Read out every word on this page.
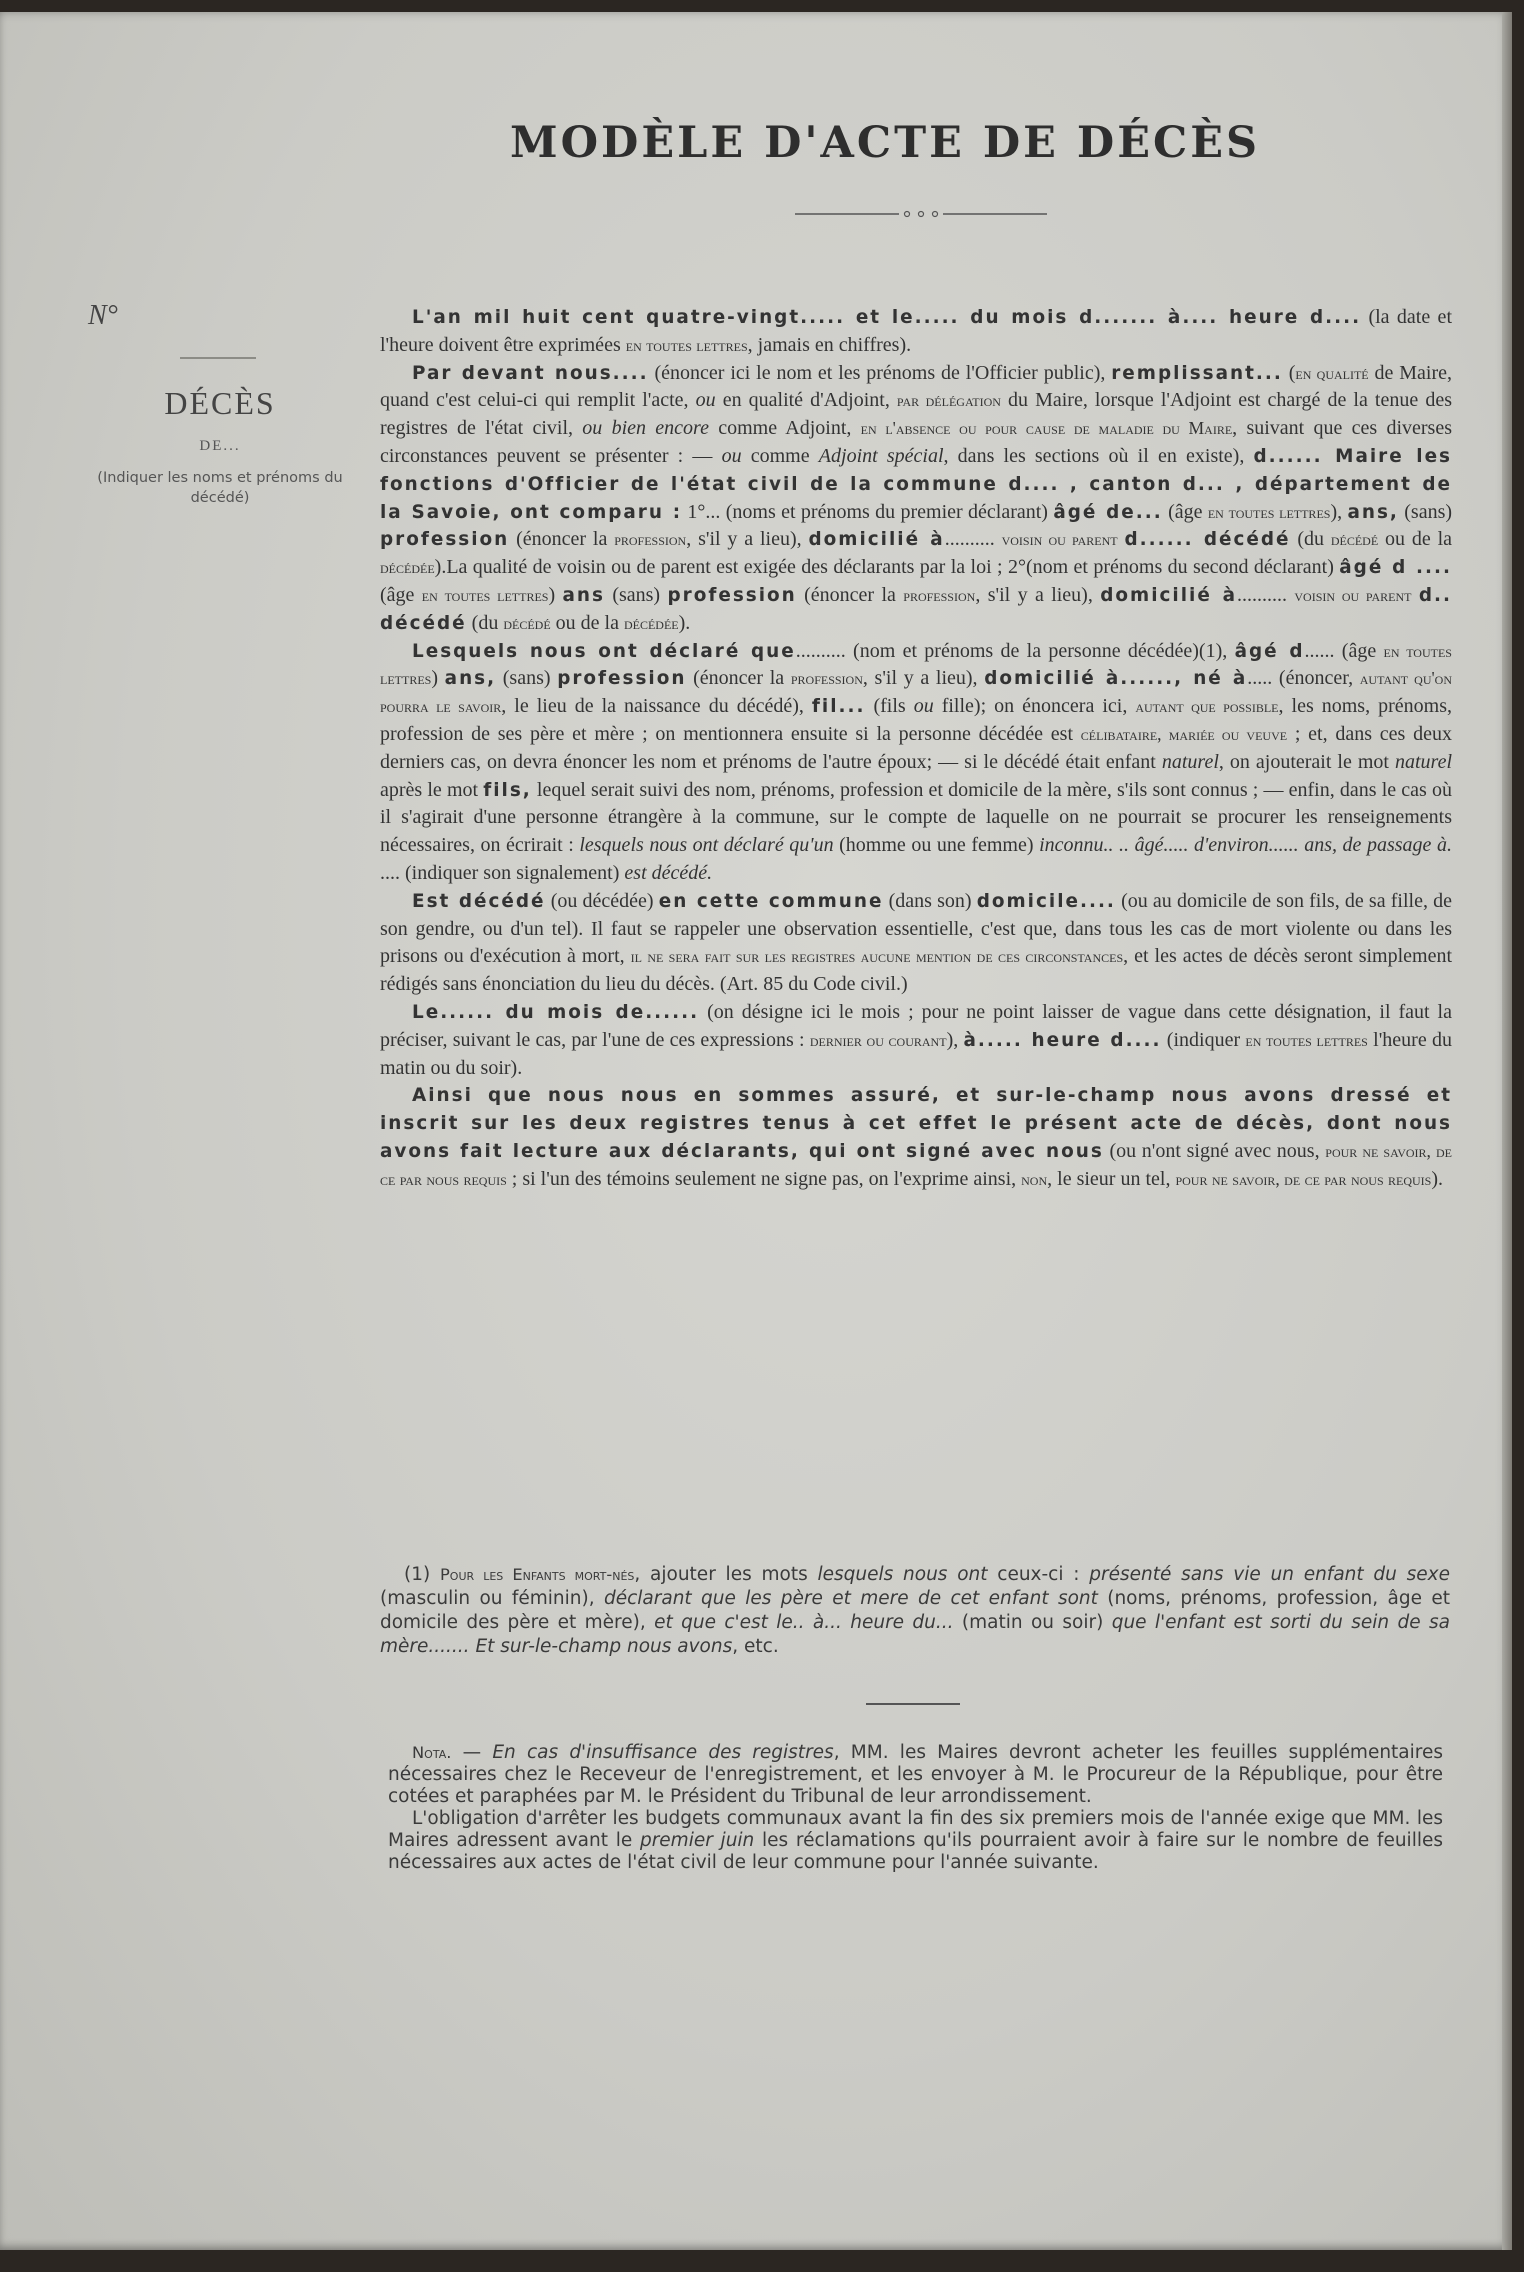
MODÈLE D'ACTE DE DÉCÈS
N°
DÉCÈS
DE...
(Indiquer les noms et prénoms du décédé)

L'an mil huit cent quatre-vingt..... et le..... du mois d....... à.... heure d.... (la date et l'heure doivent être exprimées en toutes lettres, jamais en chiffres).

Par devant nous.... (énoncer ici le nom et les prénoms de l'Officier public), remplissant... (en qualité de Maire, quand c'est celui-ci qui remplit l'acte, ou en qualité d'Adjoint, par délégation du Maire, lorsque l'Adjoint est chargé de la tenue des registres de l'état civil, ou bien encore comme Adjoint, en l'absence ou pour cause de maladie du Maire, suivant que ces diverses circonstances peuvent se présenter : — ou comme Adjoint spécial, dans les sections où il en existe), d...... Maire les fonctions d'Officier de l'état civil de la commune d.... , canton d... , département de la Savoie, ont comparu : 1°... (noms et prénoms du premier déclarant) âgé de... (âge en toutes lettres), ans, (sans) profession (énoncer la profession, s'il y a lieu), domicilié à.......... voisin ou parent d...... décédé (du décédé ou de la décédée).La qualité de voisin ou de parent est exigée des déclarants par la loi ; 2°(nom et prénoms du second déclarant) âgé d .... (âge en toutes lettres) ans (sans) profession (énoncer la profession, s'il y a lieu), domicilié à.......... voisin ou parent d.. décédé (du décédé ou de la décédée).

Lesquels nous ont déclaré que.......... (nom et prénoms de la personne décédée)(1), âgé d...... (âge en toutes lettres) ans, (sans) profession (énoncer la profession, s'il y a lieu), domicilié à......, né à..... (énoncer, autant qu'on pourra le savoir, le lieu de la naissance du décédé), fil... (fils ou fille); on énoncera ici, autant que possible, les noms, prénoms, profession de ses père et mère ; on mentionnera ensuite si la personne décédée est célibataire, mariée ou veuve ; et, dans ces deux derniers cas, on devra énoncer les nom et prénoms de l'autre époux; — si le décédé était enfant naturel, on ajouterait le mot naturel après le mot fils, lequel serait suivi des nom, prénoms, profession et domicile de la mère, s'ils sont connus ; — enfin, dans le cas où il s'agirait d'une personne étrangère à la commune, sur le compte de laquelle on ne pourrait se procurer les renseignements nécessaires, on écrirait : lesquels nous ont déclaré qu'un (homme ou une femme) inconnu.. .. âgé..... d'environ...... ans, de passage à. .... (indiquer son signalement) est décédé.

Est décédé (ou décédée) en cette commune (dans son) domicile.... (ou au domicile de son fils, de sa fille, de son gendre, ou d'un tel). Il faut se rappeler une observation essentielle, c'est que, dans tous les cas de mort violente ou dans les prisons ou d'exécution à mort, il ne sera fait sur les registres aucune mention de ces circonstances, et les actes de décès seront simplement rédigés sans énonciation du lieu du décès. (Art. 85 du Code civil.)

Le...... du mois de...... (on désigne ici le mois ; pour ne point laisser de vague dans cette désignation, il faut la préciser, suivant le cas, par l'une de ces expressions : dernier ou courant), à..... heure d.... (indiquer en toutes lettres l'heure du matin ou du soir).

Ainsi que nous nous en sommes assuré, et sur-le-champ nous avons dressé et inscrit sur les deux registres tenus à cet effet le présent acte de décès, dont nous avons fait lecture aux déclarants, qui ont signé avec nous (ou n'ont signé avec nous, pour ne savoir, de ce par nous requis ; si l'un des témoins seulement ne signe pas, on l'exprime ainsi, non, le sieur un tel, pour ne savoir, de ce par nous requis).

(1) Pour les Enfants mort-nés, ajouter les mots lesquels nous ont ceux-ci : présenté sans vie un enfant du sexe (masculin ou féminin), déclarant que les père et mere de cet enfant sont (noms, prénoms, profession, âge et domicile des père et mère), et que c'est le.. à... heure du... (matin ou soir) que l'enfant est sorti du sein de sa mère....... Et sur-le-champ nous avons, etc.

Nota. — En cas d'insuffisance des registres, MM. les Maires devront acheter les feuilles supplémentaires nécessaires chez le Receveur de l'enregistrement, et les envoyer à M. le Procureur de la République, pour être cotées et paraphées par M. le Président du Tribunal de leur arrondissement.

L'obligation d'arrêter les budgets communaux avant la fin des six premiers mois de l'année exige que MM. les Maires adressent avant le premier juin les réclamations qu'ils pourraient avoir à faire sur le nombre de feuilles nécessaires aux actes de l'état civil de leur commune pour l'année suivante.
